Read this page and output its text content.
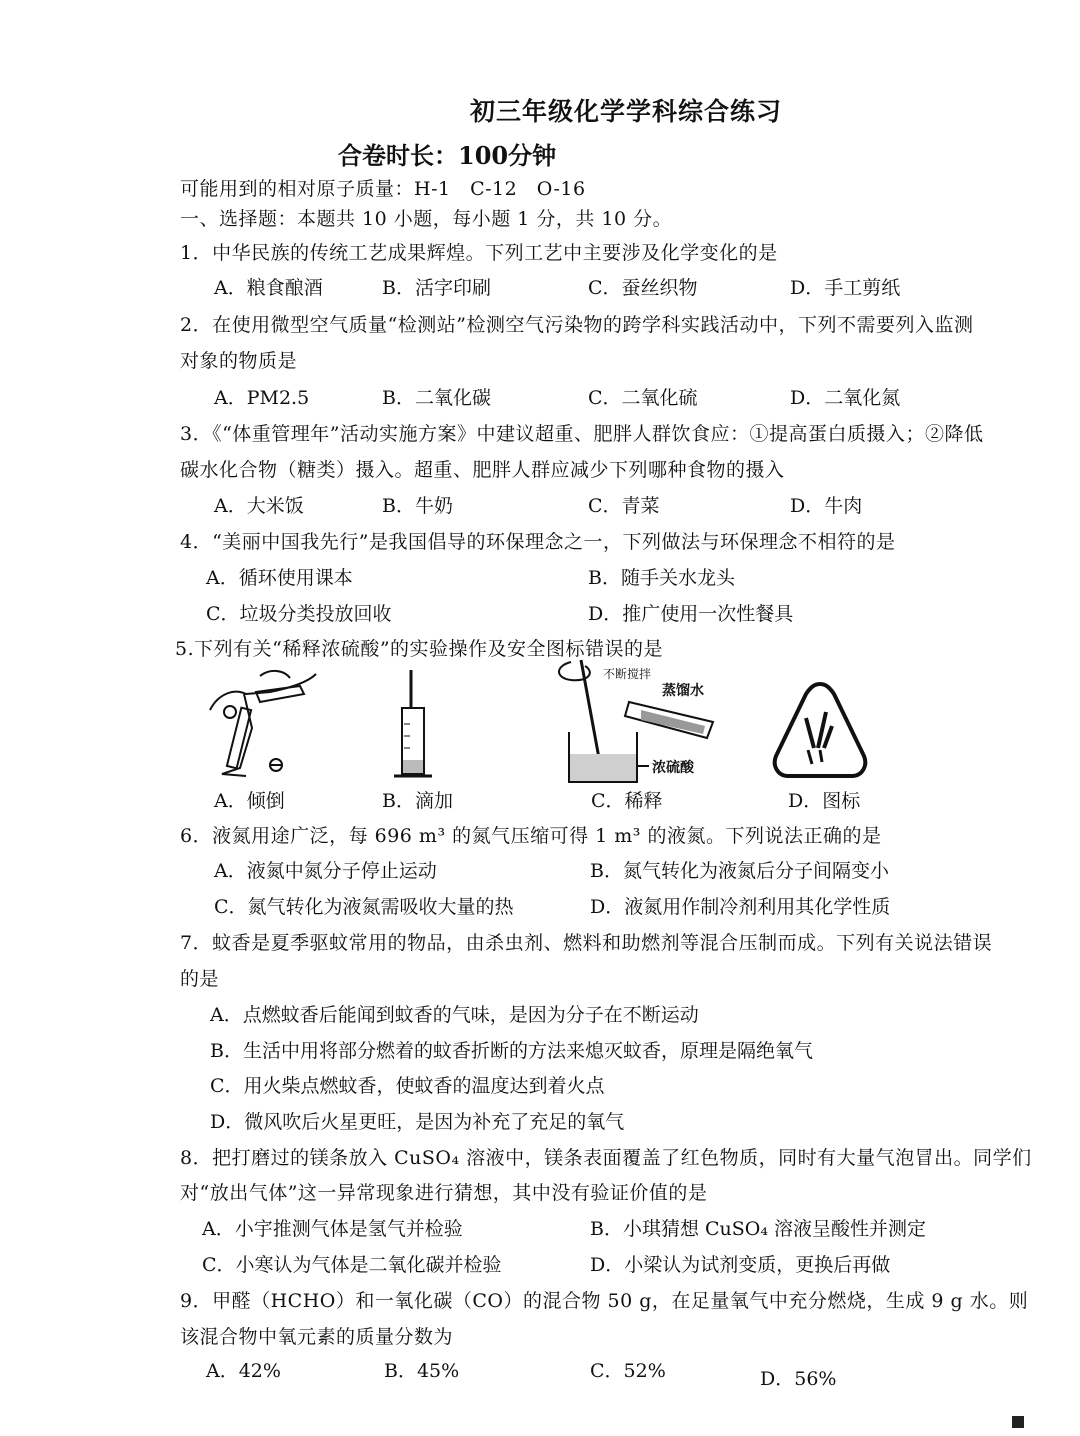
初三年级化学学科综合练习
合卷时长：100分钟
可能用到的相对原子质量：H-1　C-12　O-16
一、选择题：本题共 10 小题，每小题 1 分，共 10 分。
1．中华民族的传统工艺成果辉煌。下列工艺中主要涉及化学变化的是
A．粮食酿酒	B．活字印刷	C．蚕丝织物	D．手工剪纸
2．在使用微型空气质量“检测站”检测空气污染物的跨学科实践活动中，下列不需要列入监测
对象的物质是
A．PM2.5	B．二氧化碳	C．二氧化硫	D．二氧化氮
3．《“体重管理年”活动实施方案》中建议超重、肥胖人群饮食应：①提高蛋白质摄入；②降低
碳水化合物（糖类）摄入。超重、肥胖人群应减少下列哪种食物的摄入
A．大米饭	B．牛奶	C．青菜	D．牛肉
4．“美丽中国我先行”是我国倡导的环保理念之一，下列做法与环保理念不相符的是
A．循环使用课本	B．随手关水龙头
C．垃圾分类投放回收	D．推广使用一次性餐具
5.下列有关“稀释浓硫酸”的实验操作及安全图标错误的是
A．倾倒	B．滴加
不断搅拌
蒸馏水
浓硫酸
C．稀释	D．图标
6．液氮用途广泛，每 696 m³ 的氮气压缩可得 1 m³ 的液氮。下列说法正确的是
A．液氮中氮分子停止运动	B．氮气转化为液氮后分子间隔变小
C．氮气转化为液氮需吸收大量的热	D．液氮用作制冷剂利用其化学性质
7．蚊香是夏季驱蚊常用的物品，由杀虫剂、燃料和助燃剂等混合压制而成。下列有关说法错误
的是
A．点燃蚊香后能闻到蚊香的气味，是因为分子在不断运动
B．生活中用将部分燃着的蚊香折断的方法来熄灭蚊香，原理是隔绝氧气
C．用火柴点燃蚊香，使蚊香的温度达到着火点
D．微风吹后火星更旺，是因为补充了充足的氧气
8．把打磨过的镁条放入 CuSO₄ 溶液中，镁条表面覆盖了红色物质，同时有大量气泡冒出。同学们
对“放出气体”这一异常现象进行猜想，其中没有验证价值的是
A．小宇推测气体是氢气并检验	B．小琪猜想 CuSO₄ 溶液呈酸性并测定
C．小寒认为气体是二氧化碳并检验	D．小梁认为试剂变质，更换后再做
9．甲醛（HCHO）和一氧化碳（CO）的混合物 50 g，在足量氧气中充分燃烧，生成 9 g 水。则
该混合物中氧元素的质量分数为
A．42%	B．45%	C．52%	D．56%
